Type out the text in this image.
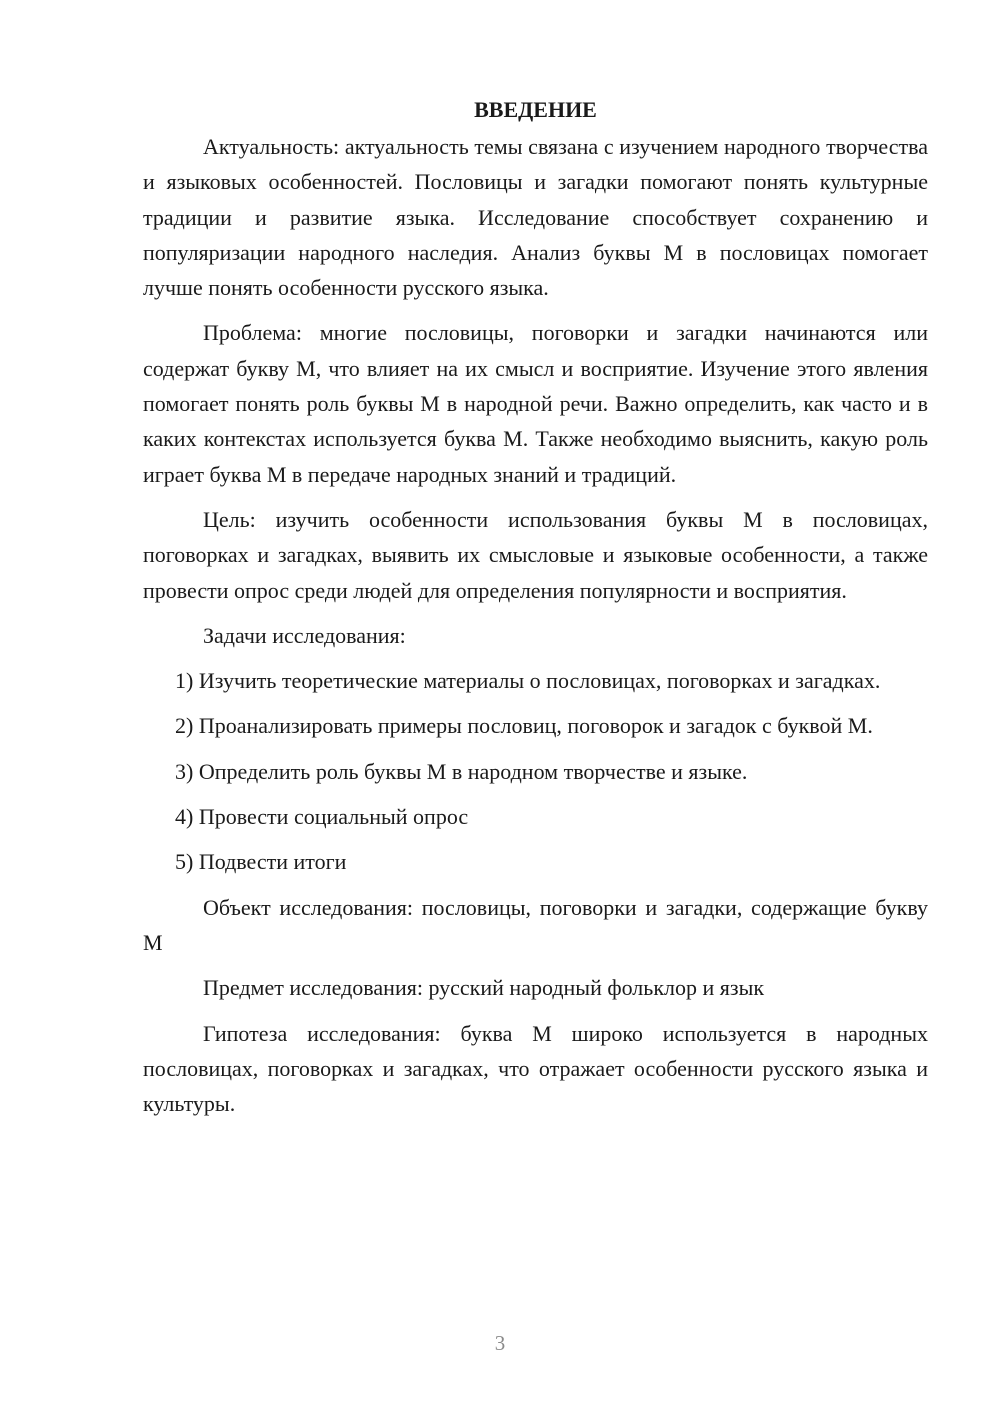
ВВЕДЕНИЕ

Актуальность: актуальность темы связана с изучением народного творчества и языковых особенностей. Пословицы и загадки помогают понять культурные традиции и развитие языка. Исследование способствует сохранению и популяризации народного наследия. Анализ буквы М в пословицах помогает лучше понять особенности русского языка.

Проблема: многие пословицы, поговорки и загадки начинаются или содержат букву М, что влияет на их смысл и восприятие. Изучение этого явления помогает понять роль буквы М в народной речи. Важно определить, как часто и в каких контекстах используется буква М. Также необходимо выяснить, какую роль играет буква М в передаче народных знаний и традиций.

Цель: изучить особенности использования буквы М в пословицах, поговорках и загадках, выявить их смысловые и языковые особенности, а также провести опрос среди людей для определения популярности и восприятия.

Задачи исследования:

1) Изучить теоретические материалы о пословицах, поговорках и загадках.

2) Проанализировать примеры пословиц, поговорок и загадок с буквой М.

3) Определить роль буквы М в народном творчестве и языке.

4) Провести социальный опрос

5) Подвести итоги

Объект исследования: пословицы, поговорки и загадки, содержащие букву М

Предмет исследования: русский народный фольклор и язык

Гипотеза исследования: буква М широко используется в народных пословицах, поговорках и загадках, что отражает особенности русского языка и культуры.

3
